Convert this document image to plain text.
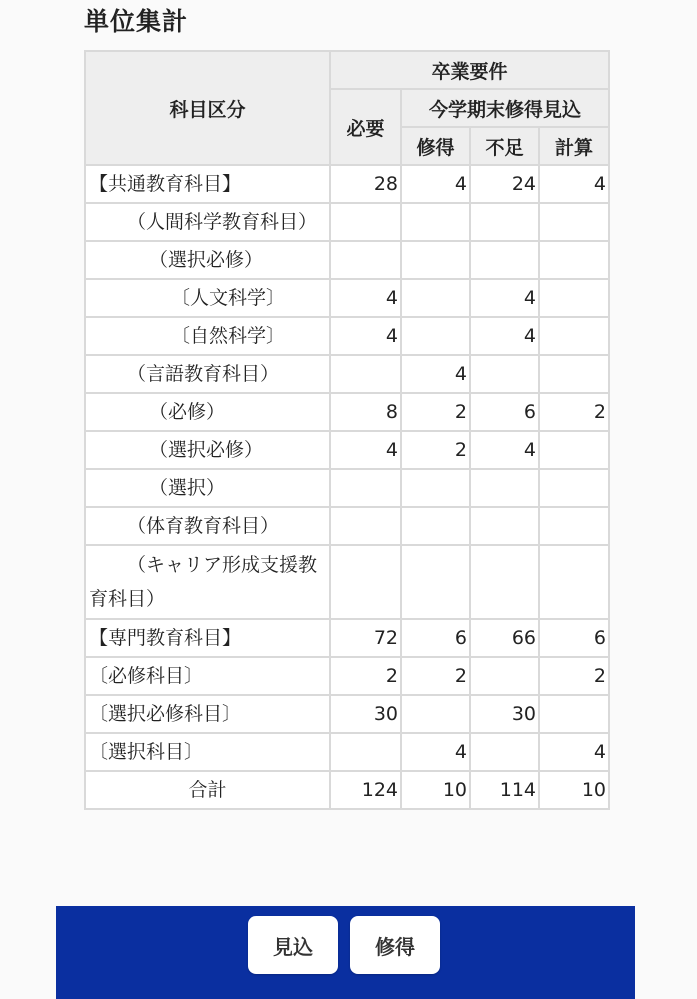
単位集計
科目区分	卒業要件			
	必要	今学期末修得見込		
		修得	不足	計算
【共通教育科目】	28	4	24	4
（人間科学教育科目）				
（選択必修）				
〔人文科学〕	4		4	
〔自然科学〕	4		4	
（言語教育科目）		4		
（必修）	8	2	6	2
（選択必修）	4	2	4	
（選択）				
（体育教育科目）				
（キャリア形成支援教育科目）				
【専門教育科目】	72	6	66	6
〔必修科目〕	2	2		2
〔選択必修科目〕	30		30	
〔選択科目〕		4		4
合計	124	10	114	10
見込	修得
